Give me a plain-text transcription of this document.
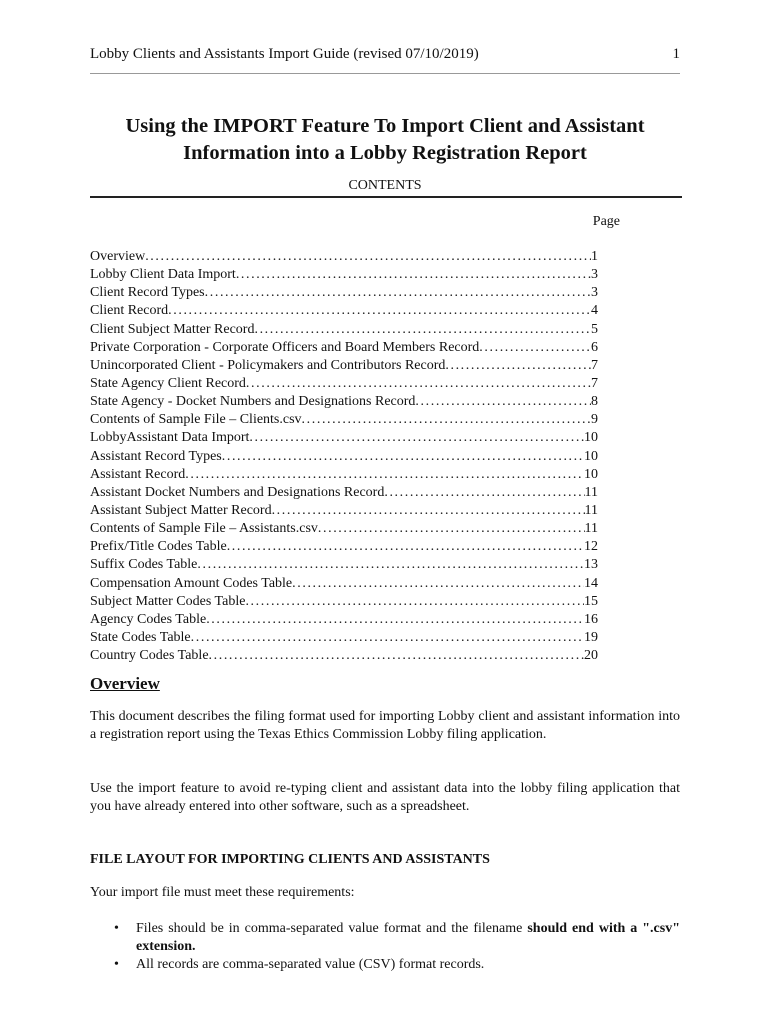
Lobby Clients and Assistants Import Guide (revised 07/10/2019)	1
Using the IMPORT Feature To Import Client and Assistant
Information into a Lobby Registration Report
CONTENTS
Page
Overview .....	1
Lobby Client Data Import .....	3
Client Record Types .....	3
Client Record .....	4
Client Subject Matter Record .....	5
Private Corporation - Corporate Officers and Board Members Record .....	6
Unincorporated Client - Policymakers and Contributors Record .....	7
State Agency Client Record .....	7
State Agency - Docket Numbers and Designations Record .....	8
Contents of Sample File – Clients.csv .....	9
LobbyAssistant Data Import .....	10
Assistant Record Types .....	10
Assistant Record .....	10
Assistant Docket Numbers and Designations Record .....	11
Assistant Subject Matter Record .....	11
Contents of Sample File – Assistants.csv .....	11
Prefix/Title Codes Table .....	12
Suffix Codes Table .....	13
Compensation Amount Codes Table .....	14
Subject Matter Codes Table .....	15
Agency Codes Table .....	16
State Codes Table .....	19
Country Codes Table .....	20
Overview
This document describes the filing format used for importing Lobby client and assistant information into a registration report using the Texas Ethics Commission Lobby filing application.
Use the import feature to avoid re-typing client and assistant data into the lobby filing application that you have already entered into other software, such as a spreadsheet.
FILE LAYOUT FOR IMPORTING CLIENTS AND ASSISTANTS
Your import file must meet these requirements:
• Files should be in comma-separated value format and the filename should end with a ".csv" extension.
• All records are comma-separated value (CSV) format records.
